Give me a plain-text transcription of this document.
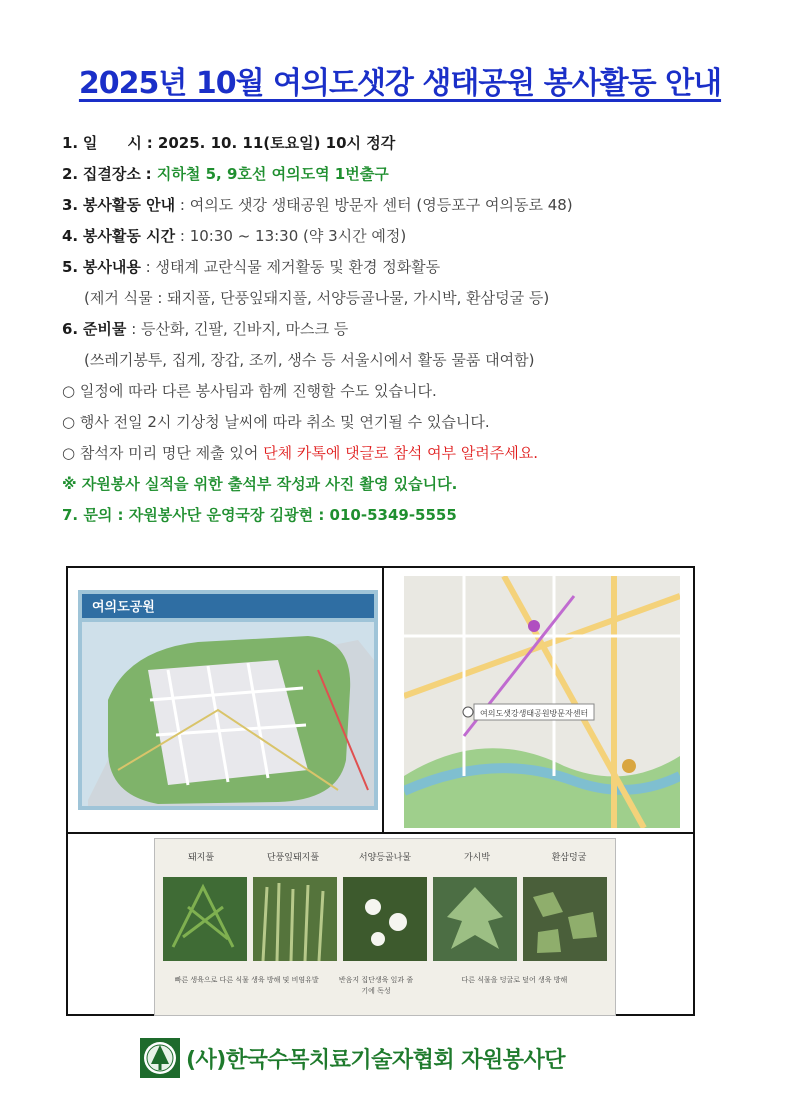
2025년 10월 여의도샛강 생태공원 봉사활동 안내
1. 일　　시 : 2025. 10. 11(토요일) 10시 정각
2. 집결장소 : 지하철 5, 9호선 여의도역 1번출구
3. 봉사활동 안내 : 여의도 샛강 생태공원 방문자 센터 (영등포구 여의동로 48)
4. 봉사활동 시간 : 10:30 ~ 13:30 (약 3시간 예정)
5. 봉사내용 : 생태계 교란식물 제거활동 및 환경 정화활동
(제거 식물 : 돼지풀, 단풍잎돼지풀, 서양등골나물, 가시박, 환삼덩굴 등)
6. 준비물 : 등산화, 긴팔, 긴바지, 마스크 등
(쓰레기봉투, 집게, 장갑, 조끼, 생수 등 서울시에서 활동 물품 대여함)
○ 일정에 따라 다른 봉사팀과 함께 진행할 수도 있습니다.
○ 행사 전일 2시 기상청 날씨에 따라 취소 및 연기될 수 있습니다.
○ 참석자 미리 명단 제출 있어 단체 카톡에 댓글로 참석 여부 알려주세요.
※ 자원봉사 실적을 위한 출석부 작성과 사진 촬영 있습니다.
7. 문의 : 자원봉사단 운영국장 김광현 : 010-5349-5555
여의도공원
여의도샛강생태공원방문자센터
돼지풀	단풍잎돼지풀	서양등골나물	가시박	환삼덩굴
빠른 생육으로 다른 식물 생육 방해 및 비염유발	반음지 집단생육 잎과 줄기에 독성
다른 식물을 덩굴로 덮어 생육 방해
(사)한국수목치료기술자협회 자원봉사단
